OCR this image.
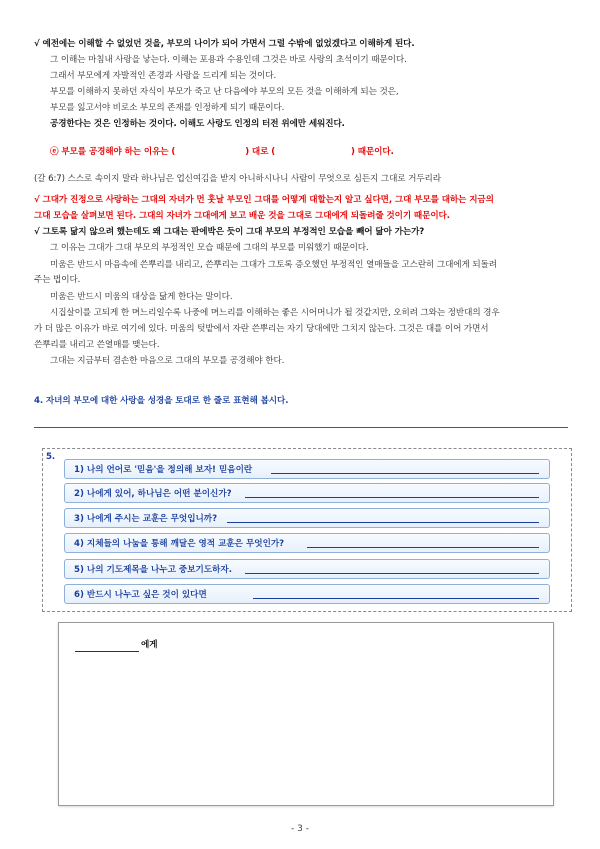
√ 예전에는 이해할 수 없었던 것을, 부모의 나이가 되어 가면서 그럴 수밖에 없었겠다고 이해하게 된다.
그 이해는 마침내 사랑을 낳는다. 이해는 포용과 수용인데 그것은 바로 사랑의 초석이기 때문이다.
그래서 부모에게 자발적인 존경과 사랑을 드리게 되는 것이다.
부모를 이해하지 못하던 자식이 부모가 죽고 난 다음에야 부모의 모든 것을 이해하게 되는 것은,
부모를 잃고서야 비로소 부모의 존재를 인정하게 되기 때문이다.
공경한다는 것은 인정하는 것이다. 이해도 사랑도 인정의 터전 위에만 세워진다.
ⓔ 부모를 공경해야 하는 이유는 (	) 대로 (	) 때문이다.
(갈 6:7) 스스로 속이지 말라 하나님은 업신여김을 받지 아니하시나니 사람이 무엇으로 심든지 그대로 거두리라
√ 그대가 진정으로 사랑하는 그대의 자녀가 먼 훗날 부모인 그대를 어떻게 대할는지 알고 싶다면, 그대 부모를 대하는 지금의
그대 모습을 살펴보면 된다. 그대의 자녀가 그대에게 보고 배운 것을 그대로 그대에게 되돌려줄 것이기 때문이다.
√ 그토록 닮지 않으려 했는데도 왜 그대는 판에박은 듯이 그대 부모의 부정적인 모습을 빼어 닮아 가는가?
그 이유는 그대가 그대 부모의 부정적인 모습 때문에 그대의 부모를 미워했기 때문이다.
미움은 반드시 마음속에 쓴뿌리를 내리고, 쓴뿌리는 그대가 그토록 증오했던 부정적인 열매들을 고스란히 그대에게 되돌려
주는 법이다.
미움은 반드시 미움의 대상을 닮게 한다는 말이다.
시집살이를 고되게 한 며느리일수록 나중에 며느리를 이해하는 좋은 시어머니가 될 것같지만, 오히려 그와는 정반대의 경우
가 더 많은 이유가 바로 여기에 있다. 미움의 텃밭에서 자란 쓴뿌리는 자기 당대에만 그치지 않는다. 그것은 대를 이어 가면서
쓴뿌리를 내리고 쓴열매를 맺는다.
그대는 지금부터 겸손한 마음으로 그대의 부모를 공경해야 한다.
4. 자녀의 부모에 대한 사랑을 성경을 토대로 한 줄로 표현해 봅시다.
5.
1) 나의 언어로 '믿음'을 정의해 보자! 믿음이란
2) 나에게 있어, 하나님은 어떤 분이신가?
3) 나에게 주시는 교훈은 무엇입니까?
4) 지체들의 나눔을 통해 깨달은 영적 교훈은 무엇인가?
5) 나의 기도제목을 나누고 중보기도하자.
6) 반드시 나누고 싶은 것이 있다면
에게
- 3 -
